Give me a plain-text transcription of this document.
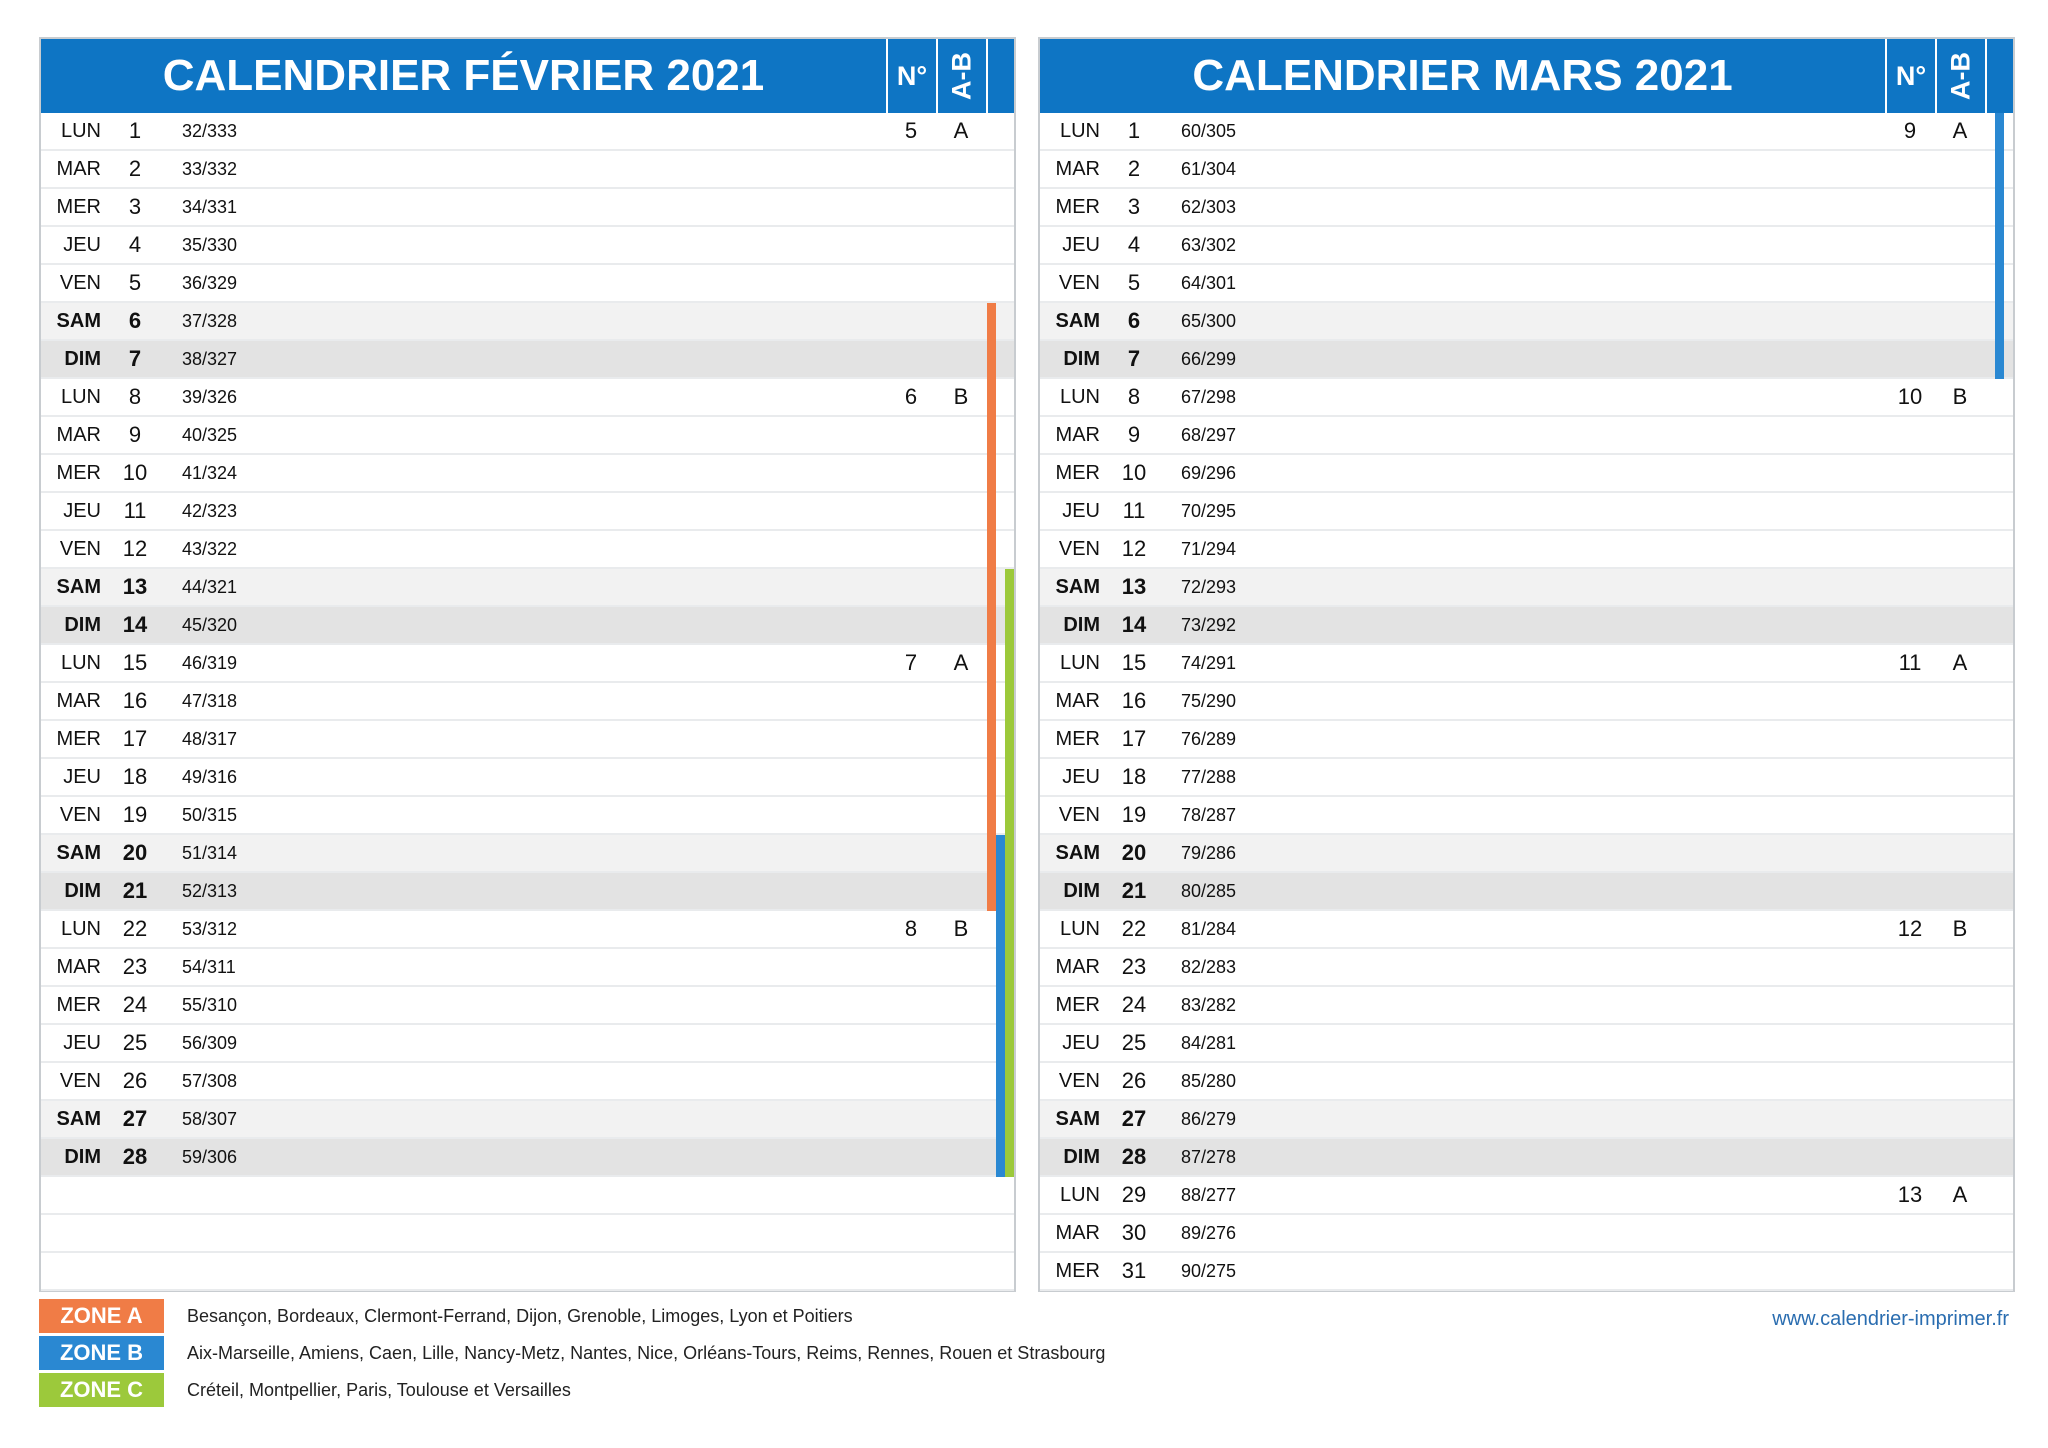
CALENDRIER FÉVRIER 2021	N° A-B
LUN	1	32/333	5	A
MAR	2	33/332
MER	3	34/331
JEU	4	35/330
VEN	5	36/329
SAM	6	37/328
DIM	7	38/327
LUN	8	39/326	6	B
MAR	9	40/325
MER 10	41/324
JEU	11	42/323
VEN 12	43/322
SAM 13	44/321
DIM 14	45/320
LUN 15	46/319	7	A
MAR 16	47/318
MER 17	48/317
JEU 18	49/316
VEN 19	50/315
SAM 20	51/314
DIM 21	52/313
LUN 22	53/312	8	B
MAR 23	54/311
MER 24	55/310
JEU 25	56/309
VEN 26	57/308
SAM 27	58/307
DIM 28	59/306
CALENDRIER MARS 2021	N° A-B
LUN	1	60/305	9	A
MAR	2	61/304
MER	3	62/303
JEU	4	63/302
VEN	5	64/301
SAM	6	65/300
DIM	7	66/299
LUN	8	67/298	10	B
MAR	9	68/297
MER 10	69/296
JEU	11	70/295
VEN 12	71/294
SAM 13	72/293
DIM 14	73/292
LUN 15	74/291	11	A
MAR 16	75/290
MER 17	76/289
JEU 18	77/288
VEN 19	78/287
SAM 20	79/286
DIM 21	80/285
LUN 22	81/284	12	B
MAR 23	82/283
MER 24	83/282
JEU 25	84/281
VEN 26	85/280
SAM 27	86/279
DIM 28	87/278
LUN 29	88/277	13	A
MAR 30	89/276
MER 31	90/275
ZONE A	Besançon, Bordeaux, Clermont-Ferrand, Dijon, Grenoble, Limoges, Lyon et Poitiers
ZONE B	Aix-Marseille, Amiens, Caen, Lille, Nancy-Metz, Nantes, Nice, Orléans-Tours, Reims, Rennes, Rouen et Strasbourg
ZONE C	Créteil, Montpellier, Paris, Toulouse et Versailles
www.calendrier-imprimer.fr
